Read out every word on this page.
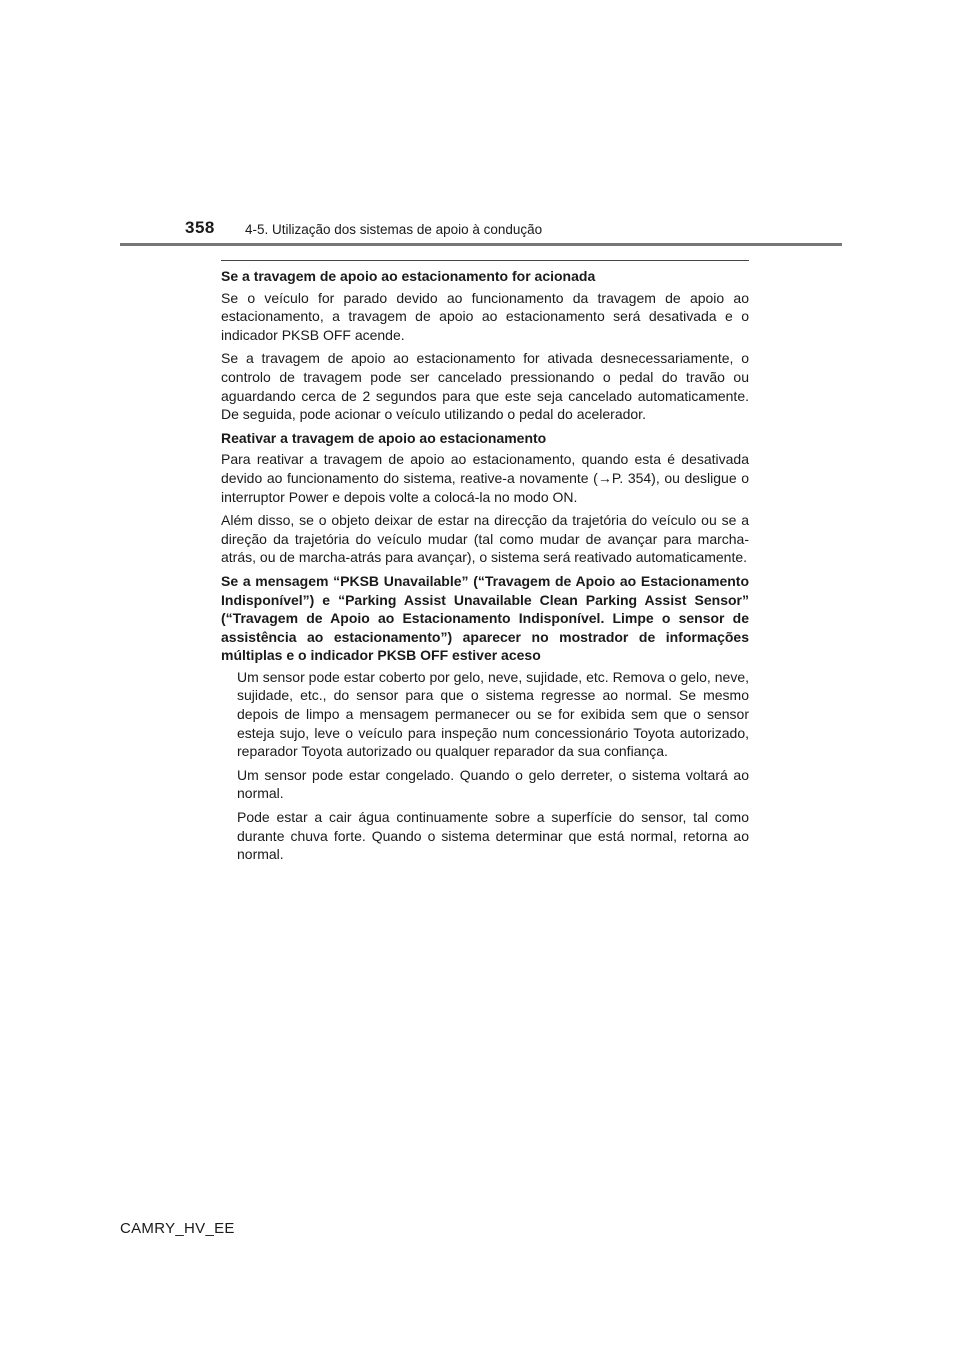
358 4-5. Utilização dos sistemas de apoio à condução

Se a travagem de apoio ao estacionamento for acionada

Se o veículo for parado devido ao funcionamento da travagem de apoio ao estacionamento, a travagem de apoio ao estacionamento será desativada e o indicador PKSB OFF acende.

Se a travagem de apoio ao estacionamento for ativada desnecessariamente, o controlo de travagem pode ser cancelado pressionando o pedal do travão ou aguardando cerca de 2 segundos para que este seja cancelado automaticamente. De seguida, pode acionar o veículo utilizando o pedal do acelerador.

Reativar a travagem de apoio ao estacionamento

Para reativar a travagem de apoio ao estacionamento, quando esta é desativada devido ao funcionamento do sistema, reative-a novamente (→P. 354), ou desligue o interruptor Power e depois volte a colocá-la no modo ON.

Além disso, se o objeto deixar de estar na direcção da trajetória do veículo ou se a direção da trajetória do veículo mudar (tal como mudar de avançar para marcha-atrás, ou de marcha-atrás para avançar), o sistema será reativado automaticamente.

Se a mensagem “PKSB Unavailable” (“Travagem de Apoio ao Estacionamento Indisponível”) e “Parking Assist Unavailable Clean Parking Assist Sensor” (“Travagem de Apoio ao Estacionamento Indisponível. Limpe o sensor de assistência ao estacionamento”) aparecer no mostrador de informações múltiplas e o indicador PKSB OFF estiver aceso

Um sensor pode estar coberto por gelo, neve, sujidade, etc. Remova o gelo, neve, sujidade, etc., do sensor para que o sistema regresse ao normal. Se mesmo depois de limpo a mensagem permanecer ou se for exibida sem que o sensor esteja sujo, leve o veículo para inspeção num concessionário Toyota autorizado, reparador Toyota autorizado ou qualquer reparador da sua confiança.

Um sensor pode estar congelado. Quando o gelo derreter, o sistema voltará ao normal.

Pode estar a cair água continuamente sobre a superfície do sensor, tal como durante chuva forte. Quando o sistema determinar que está normal, retorna ao normal.

CAMRY_HV_EE
